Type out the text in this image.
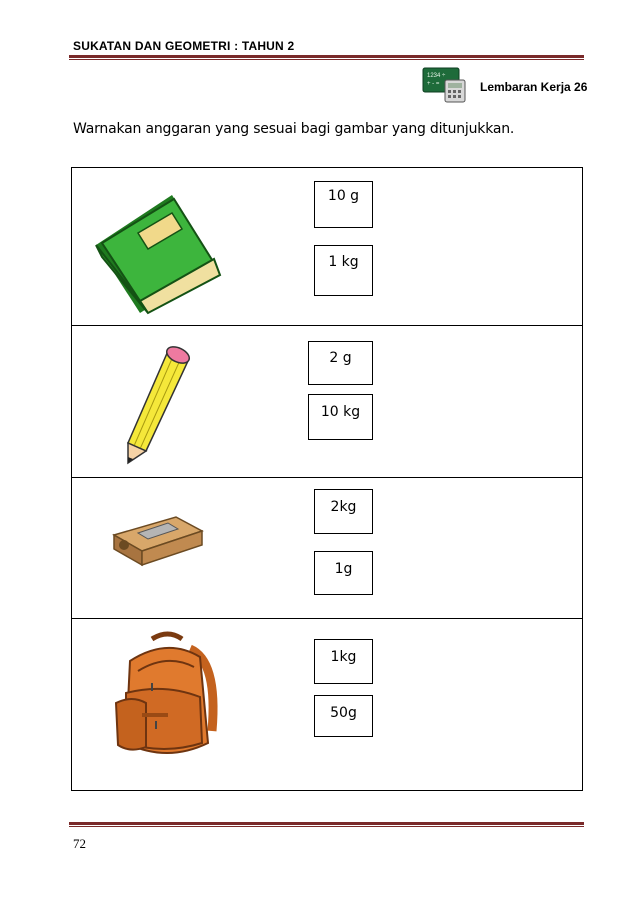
SUKATAN DAN GEOMETRI : TAHUN 2
1234 ÷
+ - =	Lembaran Kerja 26
Warnakan anggaran yang sesuai bagi gambar yang ditunjukkan.
10 g
1 kg
2 g
10 kg
2kg
1g
1kg
50g
72
